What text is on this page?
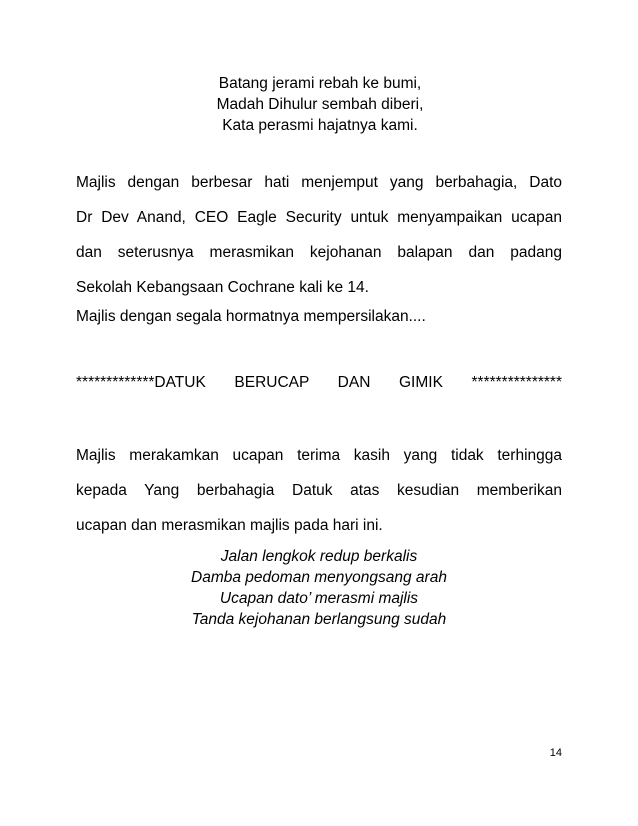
Batang jerami rebah ke bumi,
Madah Dihulur sembah diberi,
Kata perasmi hajatnya kami.
Majlis dengan berbesar hati menjemput yang berbahagia, Dato
Dr Dev Anand, CEO Eagle Security untuk menyampaikan ucapan
dan seterusnya merasmikan kejohanan balapan dan padang
Sekolah Kebangsaan Cochrane kali ke 14.
Majlis dengan segala hormatnya mempersilakan....
*************DATUK BERUCAP DAN GIMIK ***************
Majlis merakamkan ucapan terima kasih yang tidak terhingga
kepada Yang berbahagia Datuk atas kesudian memberikan
ucapan dan merasmikan majlis pada hari ini.
Jalan lengkok redup berkalis
Damba pedoman menyongsang arah
Ucapan dato’ merasmi majlis
Tanda kejohanan berlangsung sudah
14
